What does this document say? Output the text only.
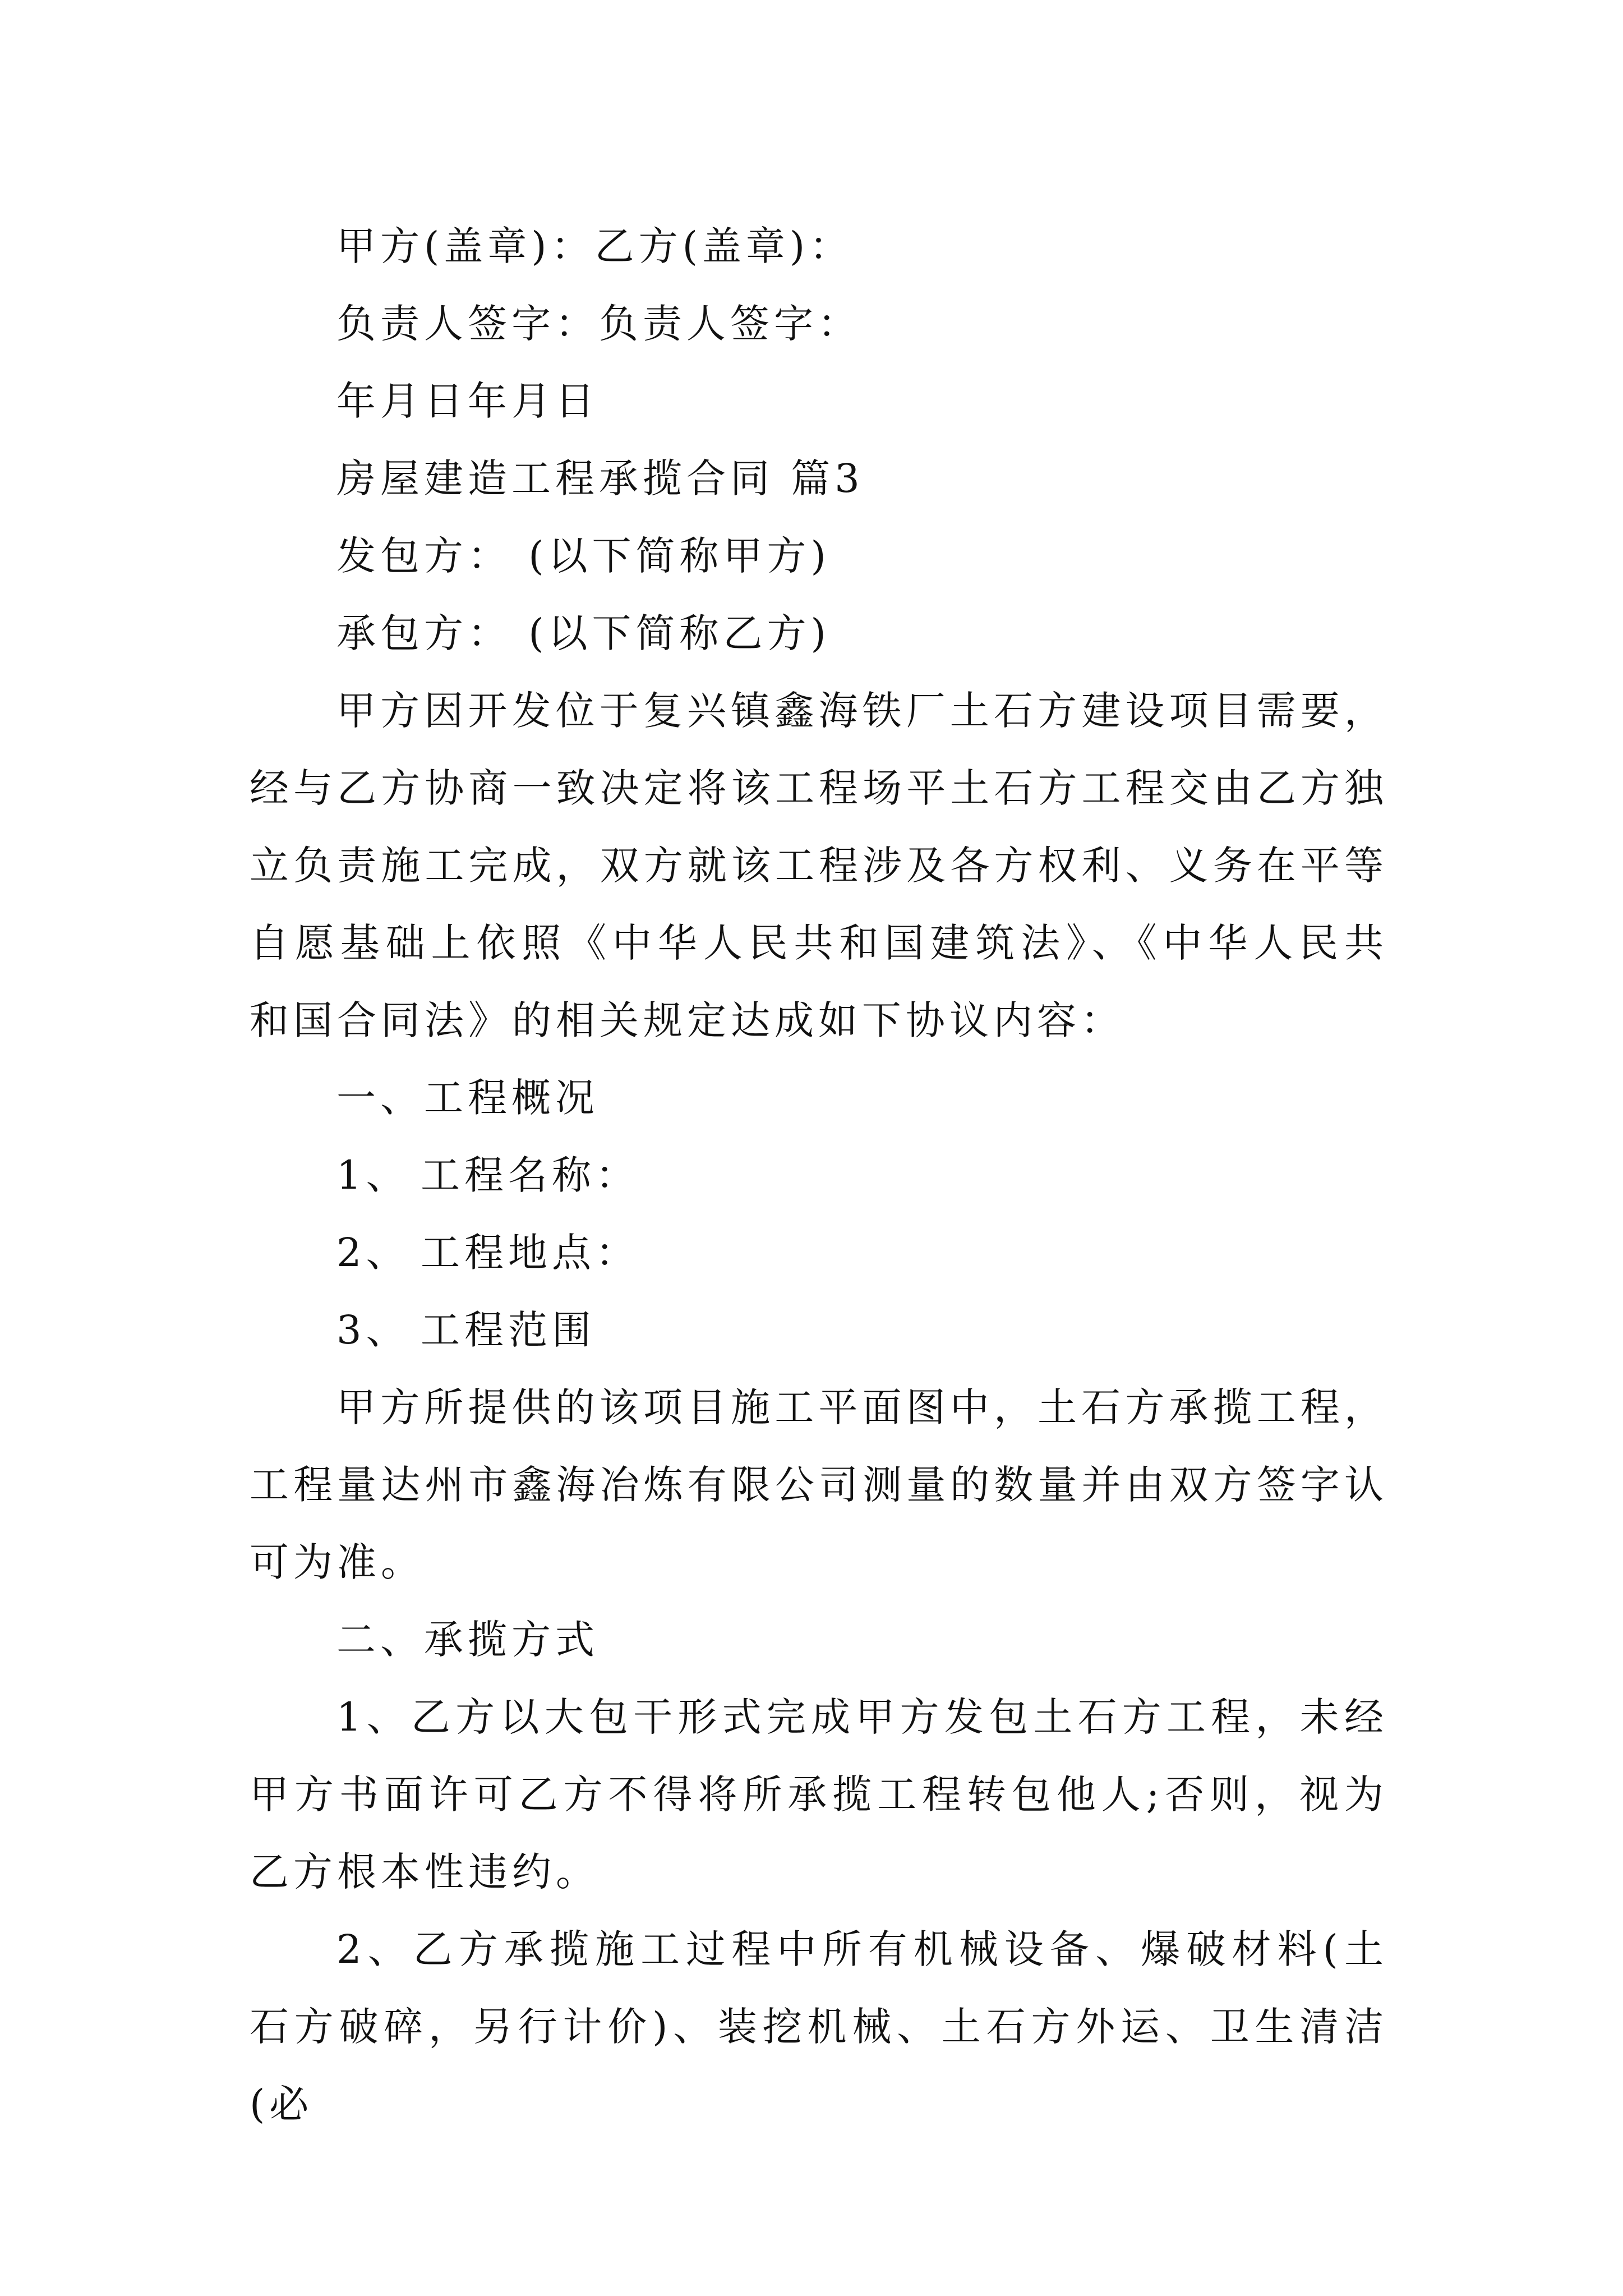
甲方(盖章)：乙方(盖章)：
负责人签字：负责人签字：
年月日年月日
房屋建造工程承揽合同 篇3
发包方： (以下简称甲方)
承包方： (以下简称乙方)
甲方因开发位于复兴镇鑫海铁厂土石方建设项目需要，经与乙方协商一致决定将该工程场平土石方工程交由乙方独立负责施工完成，双方就该工程涉及各方权利、义务在平等自愿基础上依照《中华人民共和国建筑法》、《中华人民共和国合同法》的相关规定达成如下协议内容：
一、工程概况
1、 工程名称：
2、 工程地点：
3、 工程范围
甲方所提供的该项目施工平面图中，土石方承揽工程，工程量达州市鑫海冶炼有限公司测量的数量并由双方签字认可为准。
二、承揽方式
1、乙方以大包干形式完成甲方发包土石方工程，未经甲方书面许可乙方不得将所承揽工程转包他人;否则，视为乙方根本性违约。
2、乙方承揽施工过程中所有机械设备、爆破材料(土石方破碎，另行计价)、装挖机械、土石方外运、卫生清洁(必
